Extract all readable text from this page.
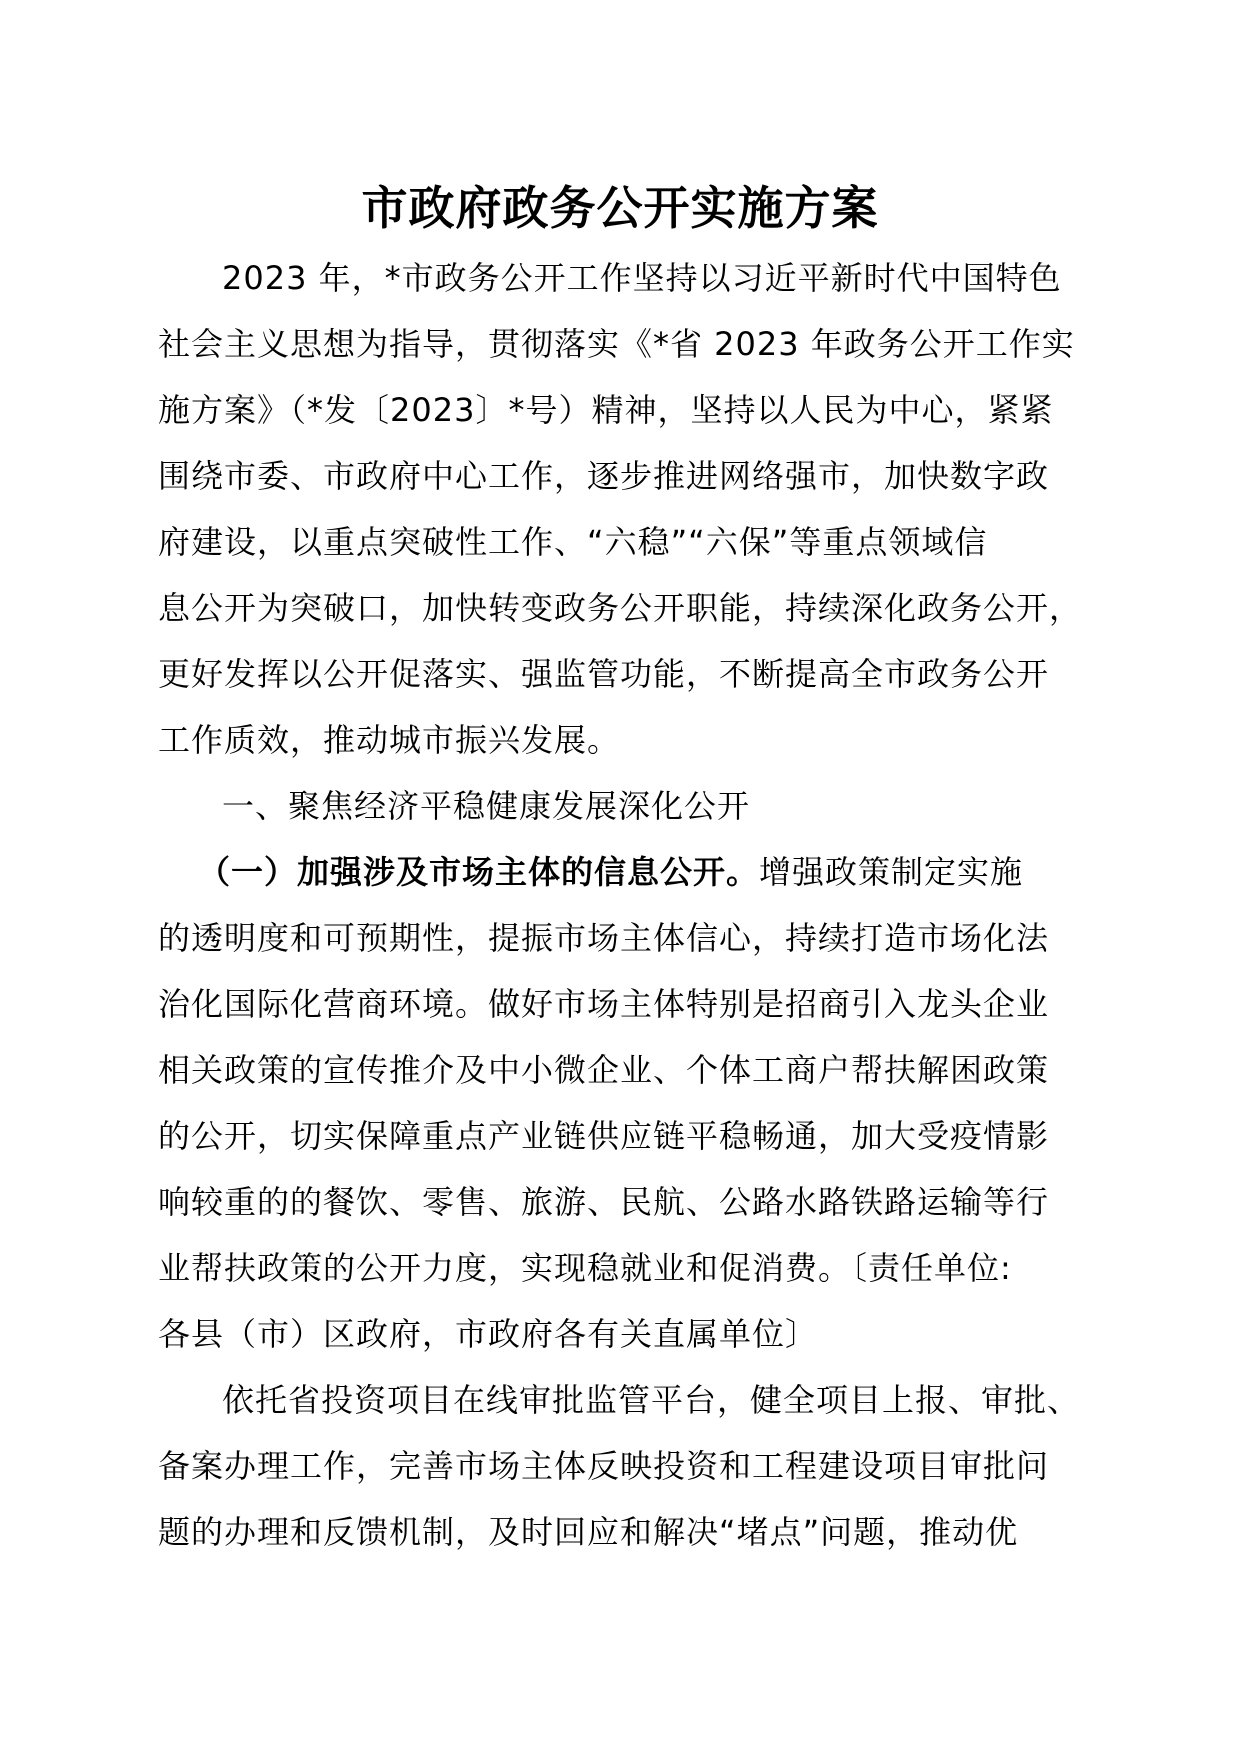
市政府政务公开实施方案
2023 年，*市政务公开工作坚持以习近平新时代中国特色
社会主义思想为指导，贯彻落实《*省 2023 年政务公开工作实
施方案》（*发〔2023〕*号）精神，坚持以人民为中心，紧紧
围绕市委、市政府中心工作，逐步推进网络强市，加快数字政
府建设，以重点突破性工作、“六稳”“六保”等重点领域信
息公开为突破口，加快转变政务公开职能，持续深化政务公开，
更好发挥以公开促落实、强监管功能，不断提高全市政务公开
工作质效，推动城市振兴发展。
一、聚焦经济平稳健康发展深化公开
（一）加强涉及市场主体的信息公开。增强政策制定实施
的透明度和可预期性，提振市场主体信心，持续打造市场化法
治化国际化营商环境。做好市场主体特别是招商引入龙头企业
相关政策的宣传推介及中小微企业、个体工商户帮扶解困政策
的公开，切实保障重点产业链供应链平稳畅通，加大受疫情影
响较重的的餐饮、零售、旅游、民航、公路水路铁路运输等行
业帮扶政策的公开力度，实现稳就业和促消费。〔责任单位:
各县（市）区政府，市政府各有关直属单位〕
依托省投资项目在线审批监管平台，健全项目上报、审批、
备案办理工作，完善市场主体反映投资和工程建设项目审批问
题的办理和反馈机制，及时回应和解决“堵点”问题，推动优
